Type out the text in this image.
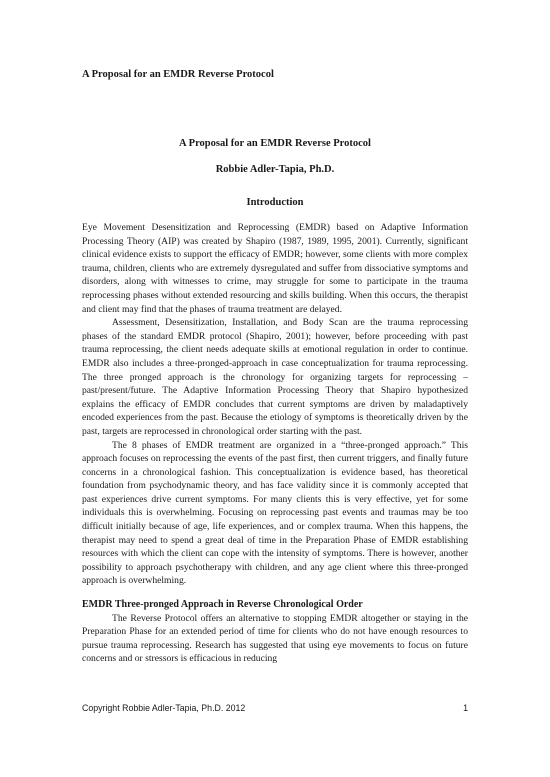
A Proposal for an EMDR Reverse Protocol
A Proposal for an EMDR Reverse Protocol
Robbie Adler-Tapia, Ph.D.
Introduction

Eye Movement Desensitization and Reprocessing (EMDR) based on Adaptive Information Processing Theory (AIP) was created by Shapiro (1987, 1989, 1995, 2001). Currently, significant clinical evidence exists to support the efficacy of EMDR; however, some clients with more complex trauma, children, clients who are extremely dysregulated and suffer from dissociative symptoms and disorders, along with witnesses to crime, may struggle for some to participate in the trauma reprocessing phases without extended resourcing and skills building. When this occurs, the therapist and client may find that the phases of trauma treatment are delayed.

Assessment, Desensitization, Installation, and Body Scan are the trauma reprocessing phases of the standard EMDR protocol (Shapiro, 2001); however, before proceeding with past trauma reprocessing, the client needs adequate skills at emotional regulation in order to continue. EMDR also includes a three-pronged-approach in case conceptualization for trauma reprocessing. The three pronged approach is the chronology for organizing targets for reprocessing – past/present/future. The Adaptive Information Processing Theory that Shapiro hypothesized explains the efficacy of EMDR concludes that current symptoms are driven by maladaptively encoded experiences from the past. Because the etiology of symptoms is theoretically driven by the past, targets are reprocessed in chronological order starting with the past.

The 8 phases of EMDR treatment are organized in a “three-pronged approach.” This approach focuses on reprocessing the events of the past first, then current triggers, and finally future concerns in a chronological fashion. This conceptualization is evidence based, has theoretical foundation from psychodynamic theory, and has face validity since it is commonly accepted that past experiences drive current symptoms. For many clients this is very effective, yet for some individuals this is overwhelming. Focusing on reprocessing past events and traumas may be too difficult initially because of age, life experiences, and or complex trauma. When this happens, the therapist may need to spend a great deal of time in the Preparation Phase of EMDR establishing resources with which the client can cope with the intensity of symptoms. There is however, another possibility to approach psychotherapy with children, and any age client where this three-pronged approach is overwhelming.

EMDR Three-pronged Approach in Reverse Chronological Order

The Reverse Protocol offers an alternative to stopping EMDR altogether or staying in the Preparation Phase for an extended period of time for clients who do not have enough resources to pursue trauma reprocessing. Research has suggested that using eye movements to focus on future concerns and or stressors is efficacious in reducing

Copyright Robbie Adler-Tapia, Ph.D. 2012	1
